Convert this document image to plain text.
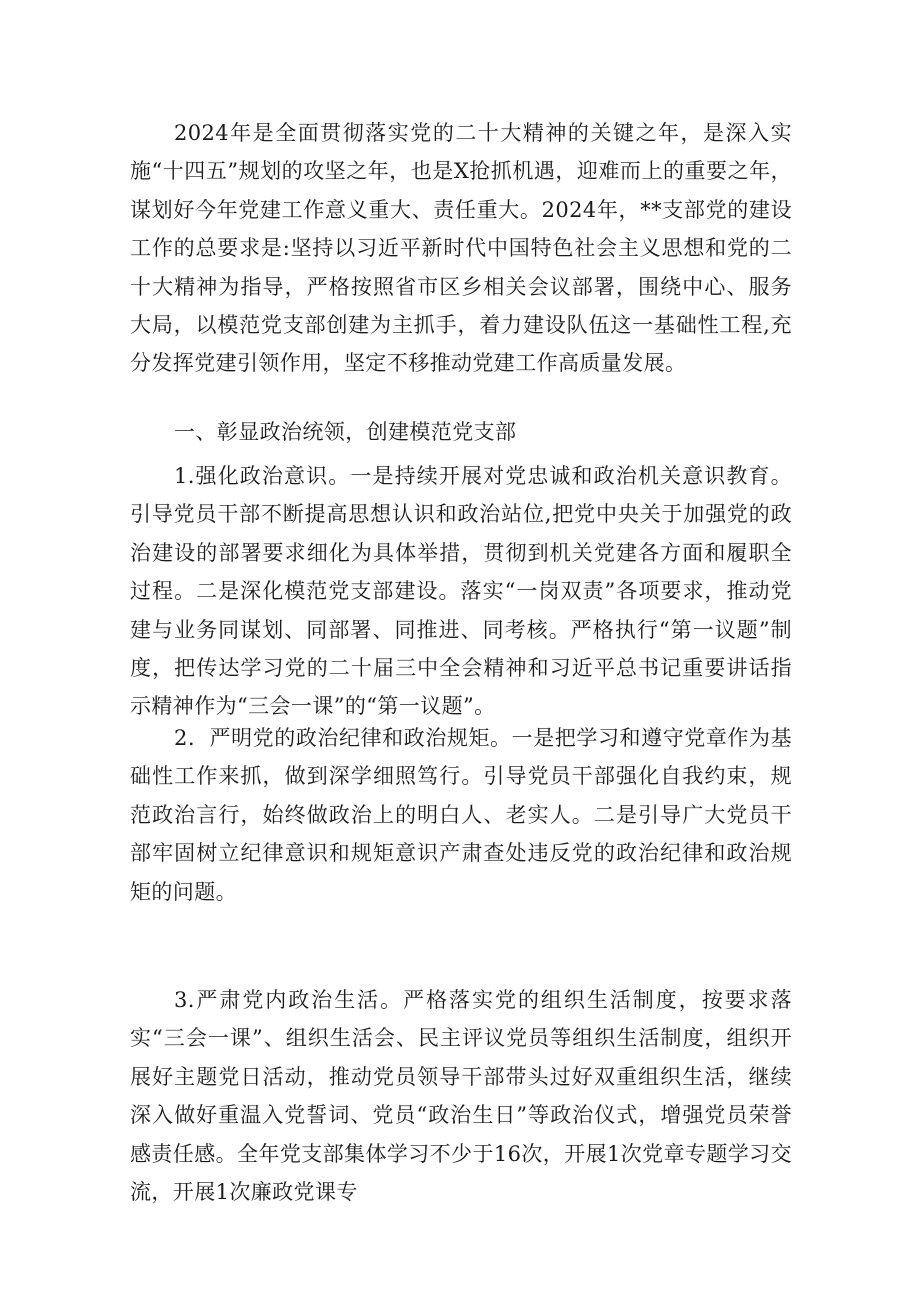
2024年是全面贯彻落实党的二十大精神的关键之年，是深入实施“十四五”规划的攻坚之年，也是X抢抓机遇，迎难而上的重要之年，谋划好今年党建工作意义重大、责任重大。2024年，**支部党的建设工作的总要求是:坚持以习近平新时代中国特色社会主义思想和党的二十大精神为指导，严格按照省市区乡相关会议部署，围绕中心、服务大局，以模范党支部创建为主抓手，着力建设队伍这一基础性工程,充分发挥党建引领作用，坚定不移推动党建工作高质量发展。

一、彰显政治统领，创建模范党支部

1.强化政治意识。一是持续开展对党忠诚和政治机关意识教育。引导党员干部不断提高思想认识和政治站位,把党中央关于加强党的政治建设的部署要求细化为具体举措，贯彻到机关党建各方面和履职全过程。二是深化模范党支部建设。落实“一岗双责”各项要求，推动党建与业务同谋划、同部署、同推进、同考核。严格执行“第一议题”制度，把传达学习党的二十届三中全会精神和习近平总书记重要讲话指示精神作为“三会一课”的“第一议题”。

2．严明党的政治纪律和政治规矩。一是把学习和遵守党章作为基础性工作来抓，做到深学细照笃行。引导党员干部强化自我约束，规范政治言行，始终做政治上的明白人、老实人。二是引导广大党员干部牢固树立纪律意识和规矩意识产肃查处违反党的政治纪律和政治规矩的问题。

3.严肃党内政治生活。严格落实党的组织生活制度，按要求落实“三会一课”、组织生活会、民主评议党员等组织生活制度，组织开展好主题党日活动，推动党员领导干部带头过好双重组织生活，继续深入做好重温入党誓词、党员“政治生日”等政治仪式，增强党员荣誉感责任感。全年党支部集体学习不少于16次，开展1次党章专题学习交流，开展1次廉政党课专
